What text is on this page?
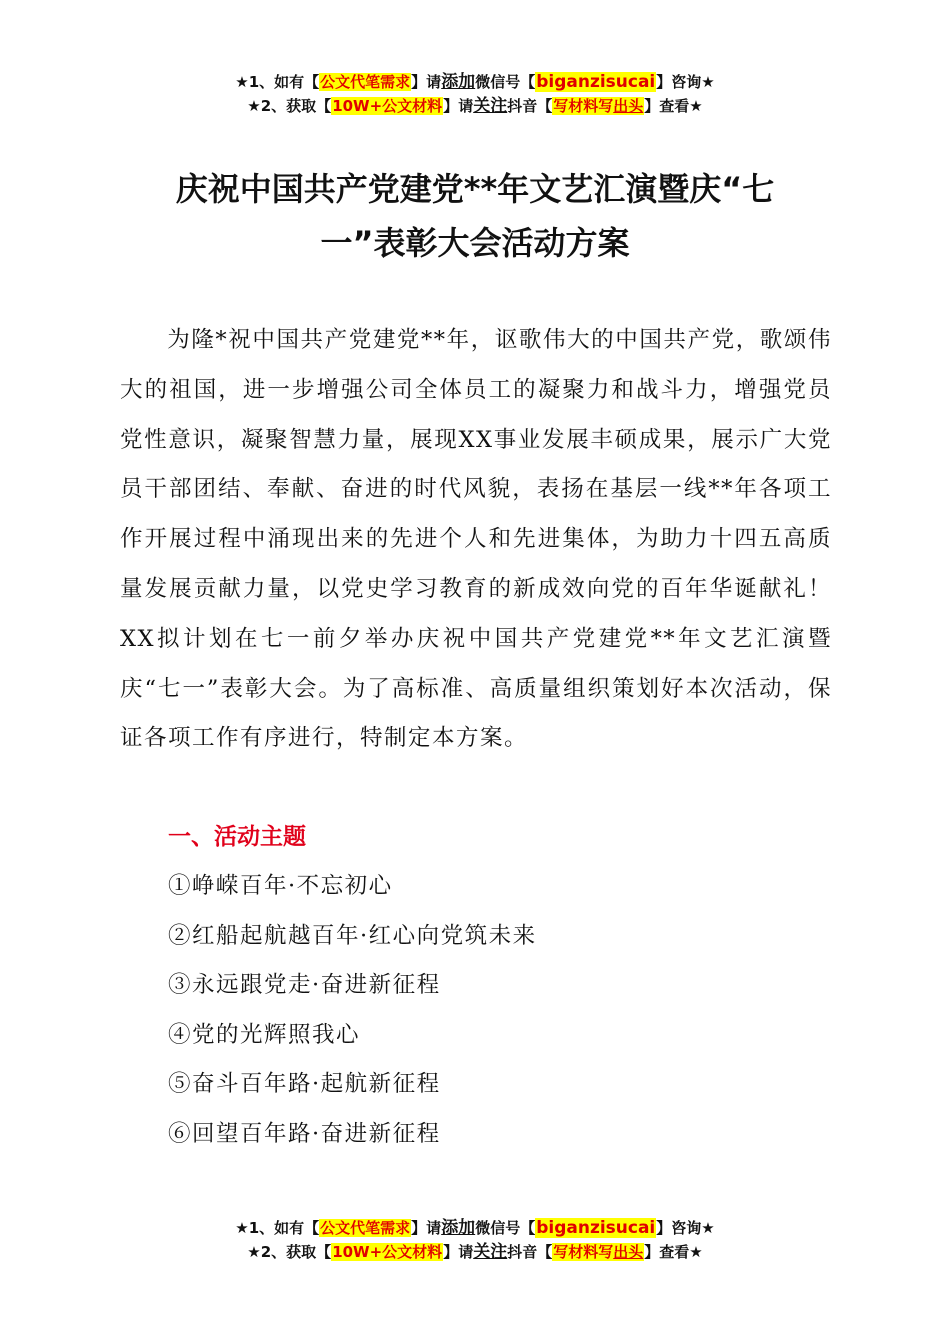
★1、如有【公文代笔需求】请添加微信号【biganzisucai】咨询★
★2、获取【10W+公文材料】请关注抖音【写材料写出头】查看★
庆祝中国共产党建党**年文艺汇演暨庆“七
一”表彰大会活动方案

为隆*祝中国共产党建党**年，讴歌伟大的中国共产党，歌颂伟大的祖国，进一步增强公司全体员工的凝聚力和战斗力，增强党员党性意识，凝聚智慧力量，展现XX事业发展丰硕成果，展示广大党员干部团结、奉献、奋进的时代风貌，表扬在基层一线**年各项工作开展过程中涌现出来的先进个人和先进集体，为助力十四五高质量发展贡献力量，以党史学习教育的新成效向党的百年华诞献礼！XX拟计划在七一前夕举办庆祝中国共产党建党**年文艺汇演暨庆“七一”表彰大会。为了高标准、高质量组织策划好本次活动，保证各项工作有序进行，特制定本方案。

一、活动主题
①峥嵘百年·不忘初心
②红船起航越百年·红心向党筑未来
③永远跟党走·奋进新征程
④党的光辉照我心
⑤奋斗百年路·起航新征程
⑥回望百年路·奋进新征程
★1、如有【公文代笔需求】请添加微信号【biganzisucai】咨询★
★2、获取【10W+公文材料】请关注抖音【写材料写出头】查看★
